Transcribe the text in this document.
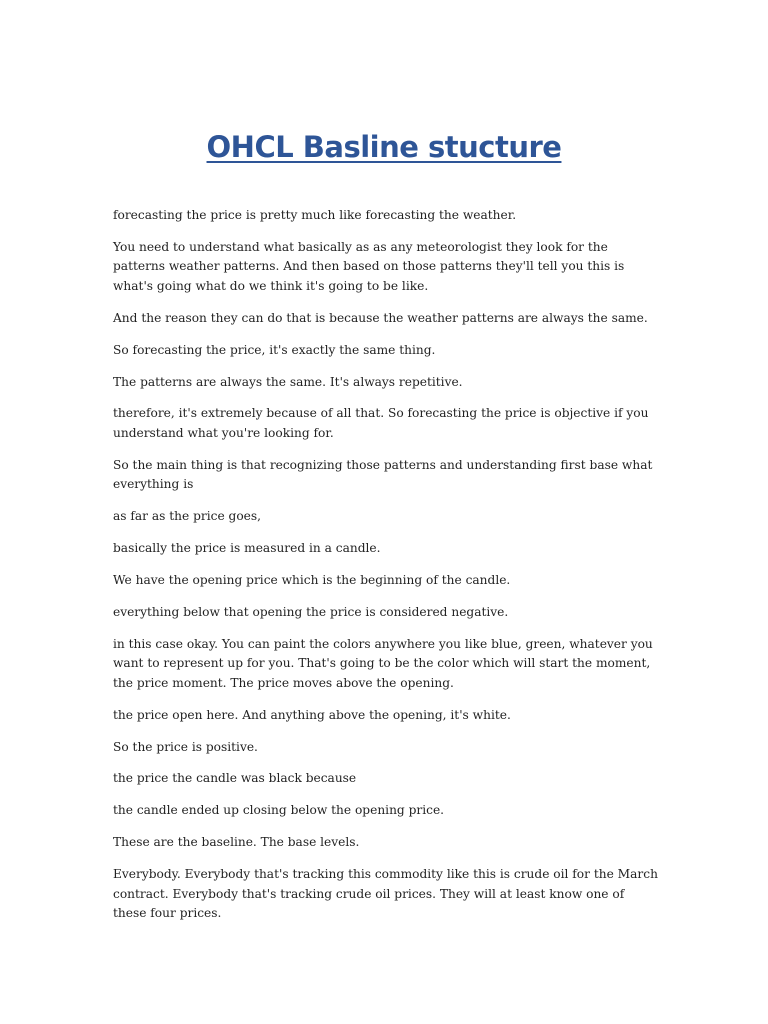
OHCL Basline stucture

forecasting the price is pretty much like forecasting the weather.

You need to understand what basically as as any meteorologist they look for the patterns weather patterns. And then based on those patterns they'll tell you this is what's going what do we think it's going to be like.

And the reason they can do that is because the weather patterns are always the same.

So forecasting the price, it's exactly the same thing.

The patterns are always the same. It's always repetitive.

therefore, it's extremely because of all that. So forecasting the price is objective if you understand what you're looking for.

So the main thing is that recognizing those patterns and understanding first base what everything is

as far as the price goes,

basically the price is measured in a candle.

We have the opening price which is the beginning of the candle.

everything below that opening the price is considered negative.

in this case okay. You can paint the colors anywhere you like blue, green, whatever you want to represent up for you. That's going to be the color which will start the moment, the price moment. The price moves above the opening.

the price open here. And anything above the opening, it's white.

So the price is positive.

the price the candle was black because

the candle ended up closing below the opening price.

These are the baseline. The base levels.

Everybody. Everybody that's tracking this commodity like this is crude oil for the March contract. Everybody that's tracking crude oil prices. They will at least know one of these four prices.
